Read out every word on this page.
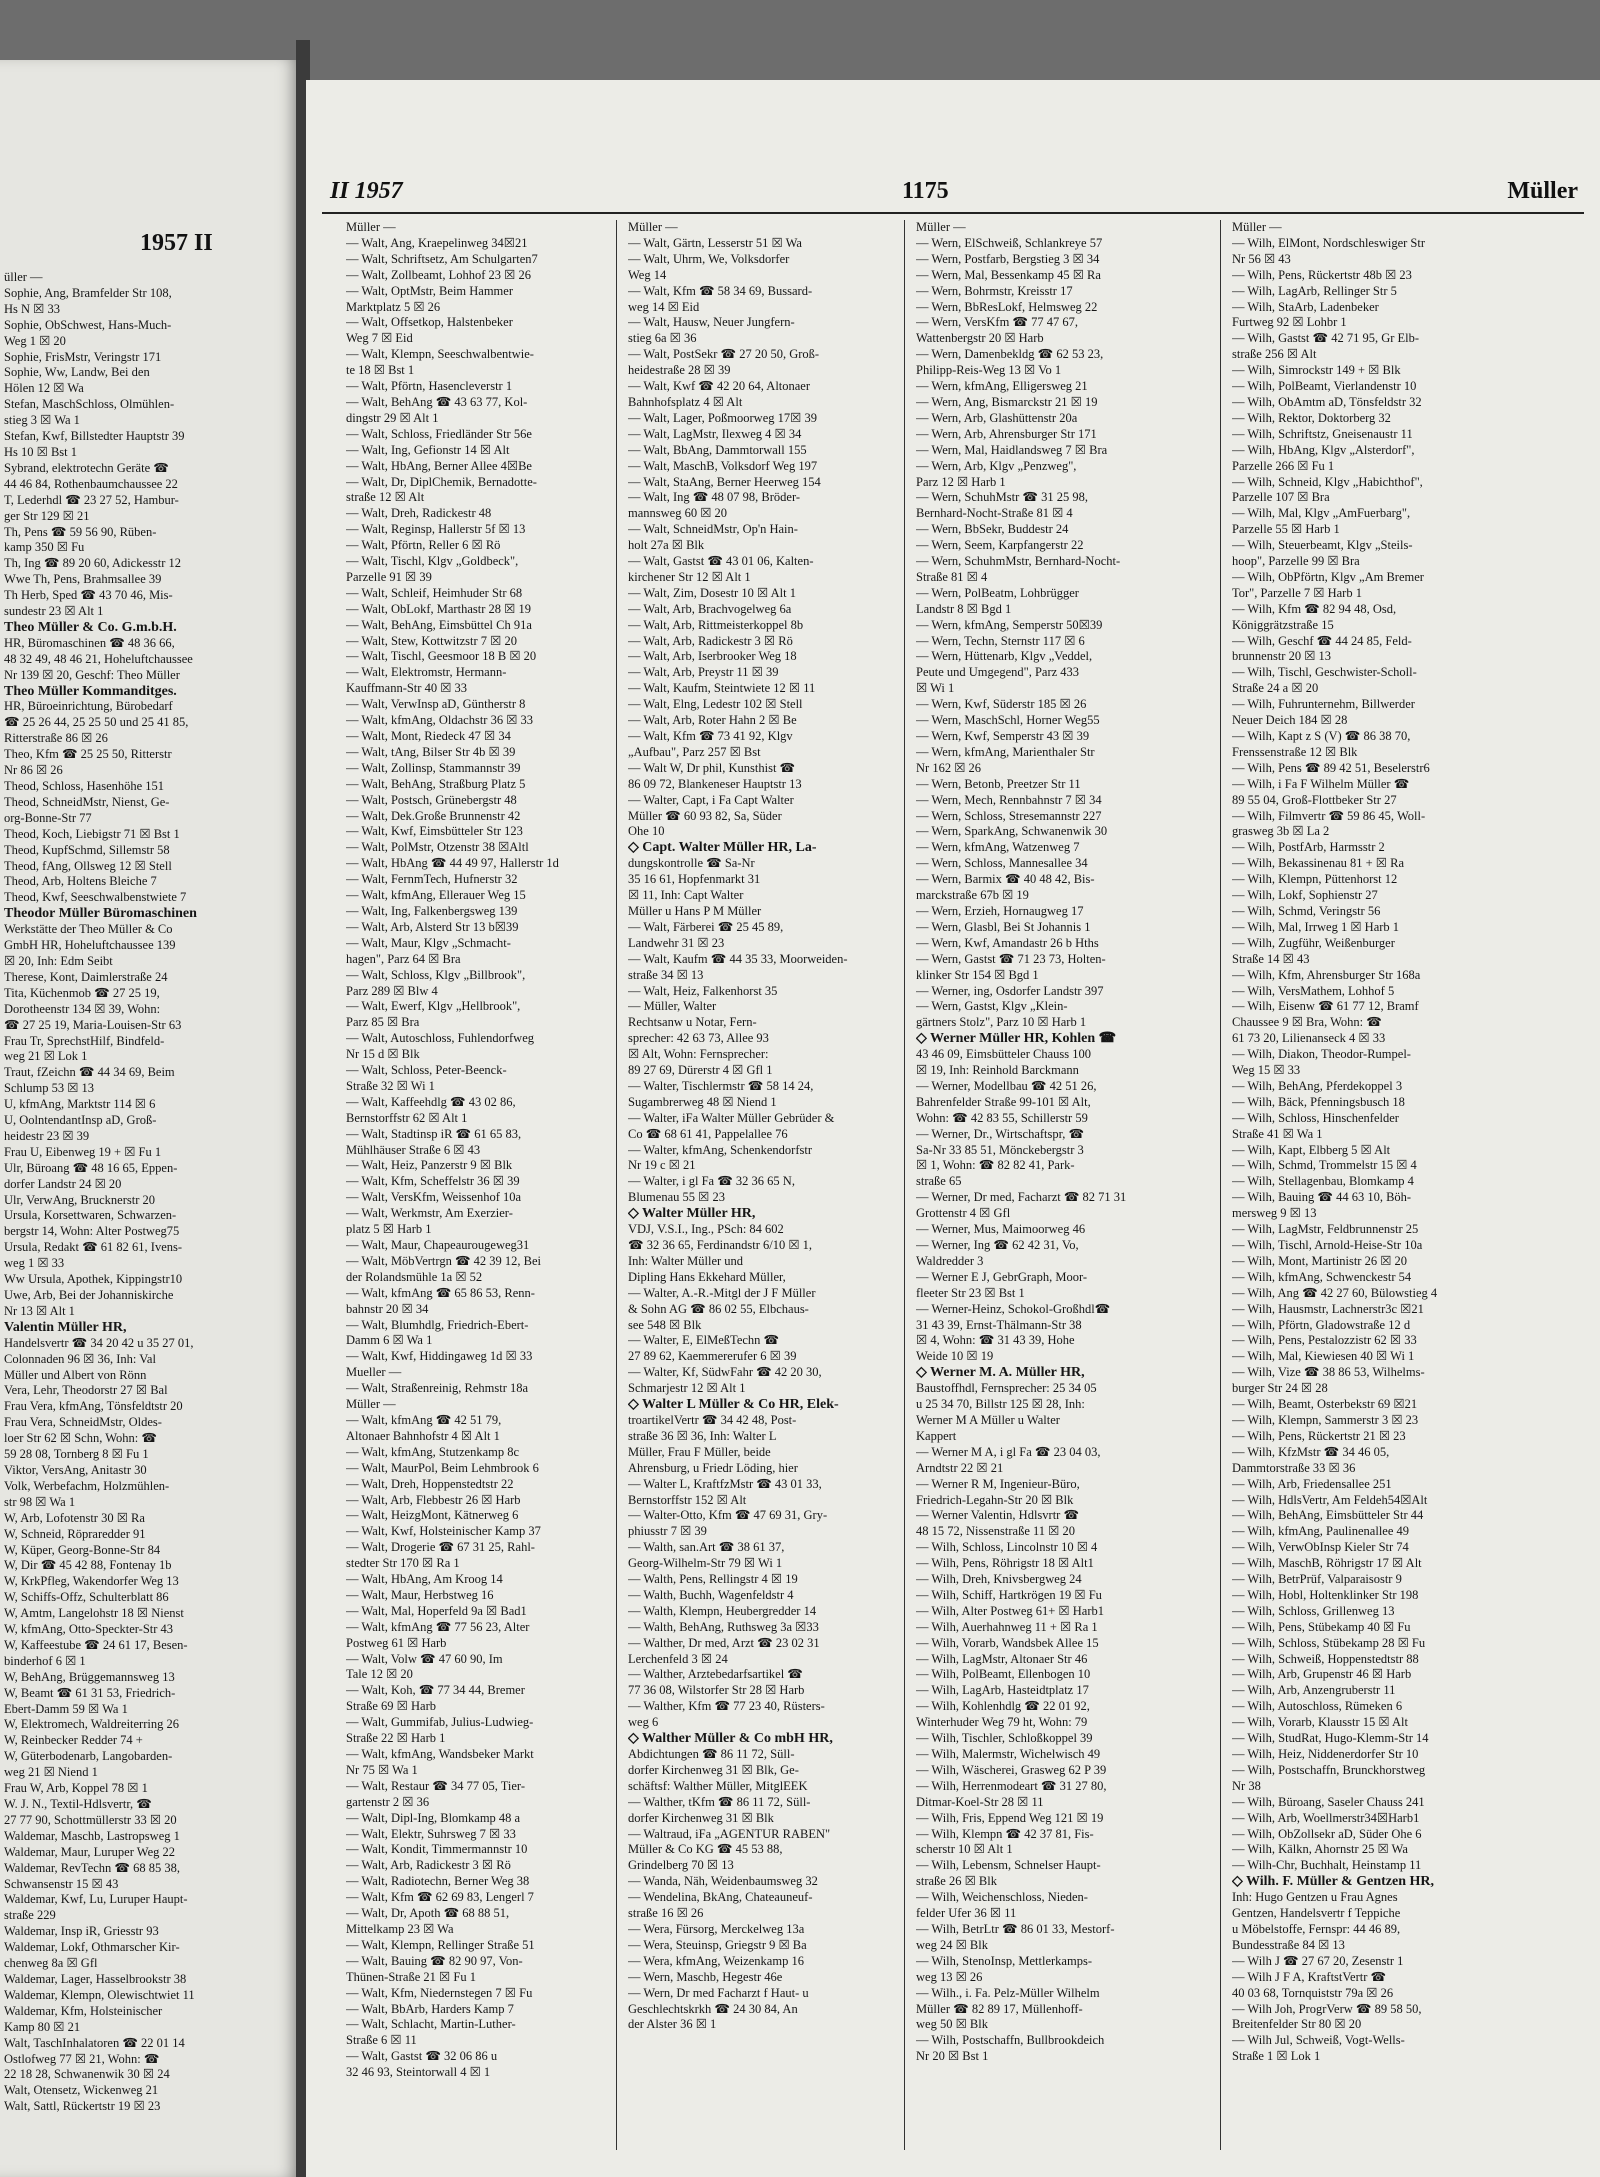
1957 II
üller —
Sophie, Ang, Bramfelder Str 108,
Hs N ☒ 33
Sophie, ObSchwest, Hans-Much-
Weg 1 ☒ 20
Sophie, FrisMstr, Veringstr 171
Sophie, Ww, Landw, Bei den
Hölen 12 ☒ Wa
Stefan, MaschSchloss, Olmühlen-
stieg 3 ☒ Wa 1
Stefan, Kwf, Billstedter Hauptstr 39
Hs 10 ☒ Bst 1
Sybrand, elektrotechn Geräte ☎
44 46 84, Rothenbaumchaussee 22
T, Lederhdl ☎ 23 27 52, Hambur-
ger Str 129 ☒ 21
Th, Pens ☎ 59 56 90, Rüben-
kamp 350 ☒ Fu
Th, Ing ☎ 89 20 60, Adickesstr 12
Wwe Th, Pens, Brahmsallee 39
Th Herb, Sped ☎ 43 70 46, Mis-
sundestr 23 ☒ Alt 1
Theo Müller & Co. G.m.b.H.
HR, Büromaschinen ☎ 48 36 66,
48 32 49, 48 46 21, Hoheluftchaussee
Nr 139 ☒ 20, Geschf: Theo Müller
Theo Müller Kommanditges.
HR, Büroeinrichtung, Bürobedarf
☎ 25 26 44, 25 25 50 und 25 41 85,
Ritterstraße 86 ☒ 26
Theo, Kfm ☎ 25 25 50, Ritterstr
Nr 86 ☒ 26
Theod, Schloss, Hasenhöhe 151
Theod, SchneidMstr, Nienst, Ge-
org-Bonne-Str 77
Theod, Koch, Liebigstr 71 ☒ Bst 1
Theod, KupfSchmd, Sillemstr 58
Theod, fAng, Ollsweg 12 ☒ Stell
Theod, Arb, Holtens Bleiche 7
Theod, Kwf, Seeschwalbenstwiete 7
Theodor Müller Büromaschinen
Werkstätte der Theo Müller & Co
GmbH HR, Hoheluftchaussee 139
☒ 20, Inh: Edm Seibt
Therese, Kont, Daimlerstraße 24
Tita, Küchenmob ☎ 27 25 19,
Dorotheenstr 134 ☒ 39, Wohn:
☎ 27 25 19, Maria-Louisen-Str 63
Frau Tr, SprechstHilf, Bindfeld-
weg 21 ☒ Lok 1
Traut, fZeichn ☎ 44 34 69, Beim
Schlump 53 ☒ 13
U, kfmAng, Marktstr 114 ☒ 6
U, OolntendantInsp aD, Groß-
heidestr 23 ☒ 39
Frau U, Eibenweg 19 + ☒ Fu 1
Ulr, Büroang ☎ 48 16 65, Eppen-
dorfer Landstr 24 ☒ 20
Ulr, VerwAng, Brucknerstr 20
Ursula, Korsettwaren, Schwarzen-
bergstr 14, Wohn: Alter Postweg75
Ursula, Redakt ☎ 61 82 61, Ivens-
weg 1 ☒ 33
Ww Ursula, Apothek, Kippingstr10
Uwe, Arb, Bei der Johanniskirche
Nr 13 ☒ Alt 1
Valentin Müller HR,
Handelsvertr ☎ 34 20 42 u 35 27 01,
Colonnaden 96 ☒ 36, Inh: Val
Müller und Albert von Rönn
Vera, Lehr, Theodorstr 27 ☒ Bal
Frau Vera, kfmAng, Tönsfeldtstr 20
Frau Vera, SchneidMstr, Oldes-
loer Str 62 ☒ Schn, Wohn: ☎
59 28 08, Tornberg 8 ☒ Fu 1
Viktor, VersAng, Anitastr 30
Volk, Werbefachm, Holzmühlen-
str 98 ☒ Wa 1
W, Arb, Lofotenstr 30 ☒ Ra
W, Schneid, Röpraredder 91
W, Küper, Georg-Bonne-Str 84
W, Dir ☎ 45 42 88, Fontenay 1b
W, KrkPfleg, Wakendorfer Weg 13
W, Schiffs-Offz, Schulterblatt 86
W, Amtm, Langelohstr 18 ☒ Nienst
W, kfmAng, Otto-Speckter-Str 43
W, Kaffeestube ☎ 24 61 17, Besen-
binderhof 6 ☒ 1
W, BehAng, Brüggemannsweg 13
W, Beamt ☎ 61 31 53, Friedrich-
Ebert-Damm 59 ☒ Wa 1
W, Elektromech, Waldreiterring 26
W, Reinbecker Redder 74 +
W, Güterbodenarb, Langobarden-
weg 21 ☒ Niend 1
Frau W, Arb, Koppel 78 ☒ 1
W. J. N., Textil-Hdlsvertr, ☎
27 77 90, Schottmüllerstr 33 ☒ 20
Waldemar, Maschb, Lastropsweg 1
Waldemar, Maur, Luruper Weg 22
Waldemar, RevTechn ☎ 68 85 38,
Schwansenstr 15 ☒ 43
Waldemar, Kwf, Lu, Luruper Haupt-
straße 229
Waldemar, Insp iR, Griesstr 93
Waldemar, Lokf, Othmarscher Kir-
chenweg 8a ☒ Gfl
Waldemar, Lager, Hasselbrookstr 38
Waldemar, Klempn, Olewischtwiet 11
Waldemar, Kfm, Holsteinischer
Kamp 80 ☒ 21
Walt, TaschInhalatoren ☎ 22 01 14
Ostlofweg 77 ☒ 21, Wohn: ☎
22 18 28, Schwanenwik 30 ☒ 24
Walt, Otensetz, Wickenweg 21
Walt, Sattl, Rückertstr 19 ☒ 23
II 1957	1175	Müller
Müller —
— Walt, Ang, Kraepelinweg 34☒21
— Walt, Schriftsetz, Am Schulgarten7
— Walt, Zollbeamt, Lohhof 23 ☒ 26
— Walt, OptMstr, Beim Hammer
Marktplatz 5 ☒ 26
— Walt, Offsetkop, Halstenbeker
Weg 7 ☒ Eid
— Walt, Klempn, Seeschwalbentwie-
te 18 ☒ Bst 1
— Walt, Pförtn, Hasencleverstr 1
— Walt, BehAng ☎ 43 63 77, Kol-
dingstr 29 ☒ Alt 1
— Walt, Schloss, Friedländer Str 56e
— Walt, Ing, Gefionstr 14 ☒ Alt
— Walt, HbAng, Berner Allee 4☒Be
— Walt, Dr, DiplChemik, Bernadotte-
straße 12 ☒ Alt
— Walt, Dreh, Radickestr 48
— Walt, Reginsp, Hallerstr 5f ☒ 13
— Walt, Pförtn, Reller 6 ☒ Rö
— Walt, Tischl, Klgv „Goldbeck",
Parzelle 91 ☒ 39
— Walt, Schleif, Heimhuder Str 68
— Walt, ObLokf, Marthastr 28 ☒ 19
— Walt, BehAng, Eimsbüttel Ch 91a
— Walt, Stew, Kottwitzstr 7 ☒ 20
— Walt, Tischl, Geesmoor 18 B ☒ 20
— Walt, Elektromstr, Hermann-
Kauffmann-Str 40 ☒ 33
— Walt, VerwInsp aD, Güntherstr 8
— Walt, kfmAng, Oldachstr 36 ☒ 33
— Walt, Mont, Riedeck 47 ☒ 34
— Walt, tAng, Bilser Str 4b ☒ 39
— Walt, Zollinsp, Stammannstr 39
— Walt, BehAng, Straßburg Platz 5
— Walt, Postsch, Grünebergstr 48
— Walt, Dek.Große Brunnenstr 42
— Walt, Kwf, Eimsbütteler Str 123
— Walt, PolMstr, Otzenstr 38 ☒Altl
— Walt, HbAng ☎ 44 49 97, Hallerstr 1d
— Walt, FernmTech, Hufnerstr 32
— Walt, kfmAng, Ellerauer Weg 15
— Walt, Ing, Falkenbergsweg 139
— Walt, Arb, Alsterd Str 13 b☒39
— Walt, Maur, Klgv „Schmacht-
hagen", Parz 64 ☒ Bra
— Walt, Schloss, Klgv „Billbrook",
Parz 289 ☒ Blw 4
— Walt, Ewerf, Klgv „Hellbrook",
Parz 85 ☒ Bra
— Walt, Autoschloss, Fuhlendorfweg
Nr 15 d ☒ Blk
— Walt, Schloss, Peter-Beenck-
Straße 32 ☒ Wi 1
— Walt, Kaffeehdlg ☎ 43 02 86,
Bernstorffstr 62 ☒ Alt 1
— Walt, Stadtinsp iR ☎ 61 65 83,
Mühlhäuser Straße 6 ☒ 43
— Walt, Heiz, Panzerstr 9 ☒ Blk
— Walt, Kfm, Scheffelstr 36 ☒ 39
— Walt, VersKfm, Weissenhof 10a
— Walt, Werkmstr, Am Exerzier-
platz 5 ☒ Harb 1
— Walt, Maur, Chapeaurougeweg31
— Walt, MöbVertrgn ☎ 42 39 12, Bei
der Rolandsmühle 1a ☒ 52
— Walt, kfmAng ☎ 65 86 53, Renn-
bahnstr 20 ☒ 34
— Walt, Blumhdlg, Friedrich-Ebert-
Damm 6 ☒ Wa 1
— Walt, Kwf, Hiddingaweg 1d ☒ 33
Mueller —
— Walt, Straßenreinig, Rehmstr 18a
Müller —
— Walt, kfmAng ☎ 42 51 79,
Altonaer Bahnhofstr 4 ☒ Alt 1
— Walt, kfmAng, Stutzenkamp 8c
— Walt, MaurPol, Beim Lehmbrook 6
— Walt, Dreh, Hoppenstedtstr 22
— Walt, Arb, Flebbestr 26 ☒ Harb
— Walt, HeizgMont, Kätnerweg 6
— Walt, Kwf, Holsteinischer Kamp 37
— Walt, Drogerie ☎ 67 31 25, Rahl-
stedter Str 170 ☒ Ra 1
— Walt, HbAng, Am Kroog 14
— Walt, Maur, Herbstweg 16
— Walt, Mal, Hoperfeld 9a ☒ Bad1
— Walt, kfmAng ☎ 77 56 23, Alter
Postweg 61 ☒ Harb
— Walt, Volw ☎ 47 60 90, Im
Tale 12 ☒ 20
— Walt, Koh, ☎ 77 34 44, Bremer
Straße 69 ☒ Harb
— Walt, Gummifab, Julius-Ludwieg-
Straße 22 ☒ Harb 1
— Walt, kfmAng, Wandsbeker Markt
Nr 75 ☒ Wa 1
— Walt, Restaur ☎ 34 77 05, Tier-
gartenstr 2 ☒ 36
— Walt, Dipl-Ing, Blomkamp 48 a
— Walt, Elektr, Suhrsweg 7 ☒ 33
— Walt, Kondit, Timmermannstr 10
— Walt, Arb, Radickestr 3 ☒ Rö
— Walt, Radiotechn, Berner Weg 38
— Walt, Kfm ☎ 62 69 83, Lengerl 7
— Walt, Dr, Apoth ☎ 68 88 51,
Mittelkamp 23 ☒ Wa
— Walt, Klempn, Rellinger Straße 51
— Walt, Bauing ☎ 82 90 97, Von-
Thünen-Straße 21 ☒ Fu 1
— Walt, Kfm, Niedernstegen 7 ☒ Fu
— Walt, BbArb, Harders Kamp 7
— Walt, Schlacht, Martin-Luther-
Straße 6 ☒ 11
— Walt, Gastst ☎ 32 06 86 u
32 46 93, Steintorwall 4 ☒ 1
Müller —
— Walt, Gärtn, Lesserstr 51 ☒ Wa
— Walt, Uhrm, We, Volksdorfer
Weg 14
— Walt, Kfm ☎ 58 34 69, Bussard-
weg 14 ☒ Eid
— Walt, Hausw, Neuer Jungfern-
stieg 6a ☒ 36
— Walt, PostSekr ☎ 27 20 50, Groß-
heidestraße 28 ☒ 39
— Walt, Kwf ☎ 42 20 64, Altonaer
Bahnhofsplatz 4 ☒ Alt
— Walt, Lager, Poßmoorweg 17☒ 39
— Walt, LagMstr, Ilexweg 4 ☒ 34
— Walt, BbAng, Dammtorwall 155
— Walt, MaschB, Volksdorf Weg 197
— Walt, StaAng, Berner Heerweg 154
— Walt, Ing ☎ 48 07 98, Bröder-
mannsweg 60 ☒ 20
— Walt, SchneidMstr, Op'n Hain-
holt 27a ☒ Blk
— Walt, Gastst ☎ 43 01 06, Kalten-
kirchener Str 12 ☒ Alt 1
— Walt, Zim, Dosestr 10 ☒ Alt 1
— Walt, Arb, Brachvogelweg 6a
— Walt, Arb, Rittmeisterkoppel 8b
— Walt, Arb, Radickestr 3 ☒ Rö
— Walt, Arb, Iserbrooker Weg 18
— Walt, Arb, Preystr 11 ☒ 39
— Walt, Kaufm, Steintwiete 12 ☒ 11
— Walt, Elng, Ledestr 102 ☒ Stell
— Walt, Arb, Roter Hahn 2 ☒ Be
— Walt, Kfm ☎ 73 41 92, Klgv
„Aufbau", Parz 257 ☒ Bst
— Walt W, Dr phil, Kunsthist ☎
86 09 72, Blankeneser Hauptstr 13
— Walter, Capt, i Fa Capt Walter
Müller ☎ 60 93 82, Sa, Süder
Ohe 10
◇ Capt. Walter Müller HR, La-
dungskontrolle ☎ Sa-Nr
35 16 61, Hopfenmarkt 31
☒ 11, Inh: Capt Walter
Müller u Hans P M Müller
— Walt, Färberei ☎ 25 45 89,
Landwehr 31 ☒ 23
— Walt, Kaufm ☎ 44 35 33, Moorweiden-
straße 34 ☒ 13
— Walt, Heiz, Falkenhorst 35
— Müller, Walter
Rechtsanw u Notar, Fern-
sprecher: 42 63 73, Allee 93
☒ Alt, Wohn: Fernsprecher:
89 27 69, Dürerstr 4 ☒ Gfl 1
— Walter, Tischlermstr ☎ 58 14 24,
Sugambrerweg 48 ☒ Niend 1
— Walter, iFa Walter Müller Gebrüder &
Co ☎ 68 61 41, Pappelallee 76
— Walter, kfmAng, Schenkendorfstr
Nr 19 c ☒ 21
— Walter, i gl Fa ☎ 32 36 65 N,
Blumenau 55 ☒ 23
◇ Walter Müller HR,
VDJ, V.S.I., Ing., PSch: 84 602
☎ 32 36 65, Ferdinandstr 6/10 ☒ 1,
Inh: Walter Müller und
Dipling Hans Ekkehard Müller,
— Walter, A.-R.-Mitgl der J F Müller
& Sohn AG ☎ 86 02 55, Elbchaus-
see 548 ☒ Blk
— Walter, E, ElMeßTechn ☎
27 89 62, Kaemmererufer 6 ☒ 39
— Walter, Kf, SüdwFahr ☎ 42 20 30,
Schmarjestr 12 ☒ Alt 1
◇ Walter L Müller & Co HR, Elek-
troartikelVertr ☎ 34 42 48, Post-
straße 36 ☒ 36, Inh: Walter L
Müller, Frau F Müller, beide
Ahrensburg, u Friedr Löding, hier
— Walter L, KraftfzMstr ☎ 43 01 33,
Bernstorffstr 152 ☒ Alt
— Walter-Otto, Kfm ☎ 47 69 31, Gry-
phiusstr 7 ☒ 39
— Walth, san.Art ☎ 38 61 37,
Georg-Wilhelm-Str 79 ☒ Wi 1
— Walth, Pens, Rellingstr 4 ☒ 19
— Walth, Buchh, Wagenfeldstr 4
— Walth, Klempn, Heubergredder 14
— Walth, BehAng, Ruthsweg 3a ☒33
— Walther, Dr med, Arzt ☎ 23 02 31
Lerchenfeld 3 ☒ 24
— Walther, Arztebedarfsartikel ☎
77 36 08, Wilstorfer Str 28 ☒ Harb
— Walther, Kfm ☎ 77 23 40, Rüsters-
weg 6
◇ Walther Müller & Co mbH HR,
Abdichtungen ☎ 86 11 72, Süll-
dorfer Kirchenweg 31 ☒ Blk, Ge-
schäftsf: Walther Müller, MitglEEK
— Walther, tKfm ☎ 86 11 72, Süll-
dorfer Kirchenweg 31 ☒ Blk
— Waltraud, iFa „AGENTUR RABEN"
Müller & Co KG ☎ 45 53 88,
Grindelberg 70 ☒ 13
— Wanda, Näh, Weidenbaumsweg 32
— Wendelina, BkAng, Chateauneuf-
straße 16 ☒ 26
— Wera, Fürsorg, Merckelweg 13a
— Wera, Steuinsp, Griegstr 9 ☒ Ba
— Wera, kfmAng, Weizenkamp 16
— Wern, Maschb, Hegestr 46e
— Wern, Dr med Facharzt f Haut- u
Geschlechtskrkh ☎ 24 30 84, An
der Alster 36 ☒ 1
Müller —
— Wern, ElSchweiß, Schlankreye 57
— Wern, Postfarb, Bergstieg 3 ☒ 34
— Wern, Mal, Bessenkamp 45 ☒ Ra
— Wern, Bohrmstr, Kreisstr 17
— Wern, BbResLokf, Helmsweg 22
— Wern, VersKfm ☎ 77 47 67,
Wattenbergstr 20 ☒ Harb
— Wern, Damenbekldg ☎ 62 53 23,
Philipp-Reis-Weg 13 ☒ Vo 1
— Wern, kfmAng, Elligersweg 21
— Wern, Ang, Bismarckstr 21 ☒ 19
— Wern, Arb, Glashüttenstr 20a
— Wern, Arb, Ahrensburger Str 171
— Wern, Mal, Haidlandsweg 7 ☒ Bra
— Wern, Arb, Klgv „Penzweg",
Parz 12 ☒ Harb 1
— Wern, SchuhMstr ☎ 31 25 98,
Bernhard-Nocht-Straße 81 ☒ 4
— Wern, BbSekr, Buddestr 24
— Wern, Seem, Karpfangerstr 22
— Wern, SchuhmMstr, Bernhard-Nocht-
Straße 81 ☒ 4
— Wern, PolBeatm, Lohbrügger
Landstr 8 ☒ Bgd 1
— Wern, kfmAng, Semperstr 50☒39
— Wern, Techn, Sternstr 117 ☒ 6
— Wern, Hüttenarb, Klgv „Veddel,
Peute und Umgegend", Parz 433
☒ Wi 1
— Wern, Kwf, Süderstr 185 ☒ 26
— Wern, MaschSchl, Horner Weg55
— Wern, Kwf, Semperstr 43 ☒ 39
— Wern, kfmAng, Marienthaler Str
Nr 162 ☒ 26
— Wern, Betonb, Preetzer Str 11
— Wern, Mech, Rennbahnstr 7 ☒ 34
— Wern, Schloss, Stresemannstr 227
— Wern, SparkAng, Schwanenwik 30
— Wern, kfmAng, Watzenweg 7
— Wern, Schloss, Mannesallee 34
— Wern, Barmix ☎ 40 48 42, Bis-
marckstraße 67b ☒ 19
— Wern, Erzieh, Hornaugweg 17
— Wern, Glasbl, Bei St Johannis 1
— Wern, Kwf, Amandastr 26 b Hths
— Wern, Gastst ☎ 71 23 73, Holten-
klinker Str 154 ☒ Bgd 1
— Werner, ing, Osdorfer Landstr 397
— Wern, Gastst, Klgv „Klein-
gärtners Stolz", Parz 10 ☒ Harb 1
◇ Werner Müller HR, Kohlen ☎
43 46 09, Eimsbütteler Chauss 100
☒ 19, Inh: Reinhold Barckmann
— Werner, Modellbau ☎ 42 51 26,
Bahrenfelder Straße 99-101 ☒ Alt,
Wohn: ☎ 42 83 55, Schillerstr 59
— Werner, Dr., Wirtschaftspr, ☎
Sa-Nr 33 85 51, Mönckebergstr 3
☒ 1, Wohn: ☎ 82 82 41, Park-
straße 65
— Werner, Dr med, Facharzt ☎ 82 71 31
Grottenstr 4 ☒ Gfl
— Werner, Mus, Maimoorweg 46
— Werner, Ing ☎ 62 42 31, Vo,
Waldredder 3
— Werner E J, GebrGraph, Moor-
fleeter Str 23 ☒ Bst 1
— Werner-Heinz, Schokol-Großhdl☎
31 43 39, Ernst-Thälmann-Str 38
☒ 4, Wohn: ☎ 31 43 39, Hohe
Weide 10 ☒ 19
◇ Werner M. A. Müller HR,
Baustoffhdl, Fernsprecher: 25 34 05
u 25 34 70, Billstr 125 ☒ 28, Inh:
Werner M A Müller u Walter
Kappert
— Werner M A, i gl Fa ☎ 23 04 03,
Arndtstr 22 ☒ 21
— Werner R M, Ingenieur-Büro,
Friedrich-Legahn-Str 20 ☒ Blk
— Werner Valentin, Hdlsvrtr ☎
48 15 72, Nissenstraße 11 ☒ 20
— Wilh, Schloss, Lincolnstr 10 ☒ 4
— Wilh, Pens, Röhrigstr 18 ☒ Alt1
— Wilh, Dreh, Knivsbergweg 24
— Wilh, Schiff, Hartkrögen 19 ☒ Fu
— Wilh, Alter Postweg 61+ ☒ Harb1
— Wilh, Auerhahnweg 11 + ☒ Ra 1
— Wilh, Vorarb, Wandsbek Allee 15
— Wilh, LagMstr, Altonaer Str 46
— Wilh, PolBeamt, Ellenbogen 10
— Wilh, LagArb, Hasteidtplatz 17
— Wilh, Kohlenhdlg ☎ 22 01 92,
Winterhuder Weg 79 ht, Wohn: 79
— Wilh, Tischler, Schloßkoppel 39
— Wilh, Malermstr, Wichelwisch 49
— Wilh, Wäscherei, Grasweg 62 P 39
— Wilh, Herrenmodeart ☎ 31 27 80,
Ditmar-Koel-Str 28 ☒ 11
— Wilh, Fris, Eppend Weg 121 ☒ 19
— Wilh, Klempn ☎ 42 37 81, Fis-
scherstr 10 ☒ Alt 1
— Wilh, Lebensm, Schnelser Haupt-
straße 26 ☒ Blk
— Wilh, Weichenschloss, Nieden-
felder Ufer 36 ☒ 11
— Wilh, BetrLtr ☎ 86 01 33, Mestorf-
weg 24 ☒ Blk
— Wilh, StenoInsp, Mettlerkamps-
weg 13 ☒ 26
— Wilh., i. Fa. Pelz-Müller Wilhelm
Müller ☎ 82 89 17, Müllenhoff-
weg 50 ☒ Blk
— Wilh, Postschaffn, Bullbrookdeich
Nr 20 ☒ Bst 1
Müller —
— Wilh, ElMont, Nordschleswiger Str
Nr 56 ☒ 43
— Wilh, Pens, Rückertstr 48b ☒ 23
— Wilh, LagArb, Rellinger Str 5
— Wilh, StaArb, Ladenbeker
Furtweg 92 ☒ Lohbr 1
— Wilh, Gastst ☎ 42 71 95, Gr Elb-
straße 256 ☒ Alt
— Wilh, Simrockstr 149 + ☒ Blk
— Wilh, PolBeamt, Vierlandenstr 10
— Wilh, ObAmtm aD, Tönsfeldstr 32
— Wilh, Rektor, Doktorberg 32
— Wilh, Schriftstz, Gneisenaustr 11
— Wilh, HbAng, Klgv „Alsterdorf",
Parzelle 266 ☒ Fu 1
— Wilh, Schneid, Klgv „Habichthof",
Parzelle 107 ☒ Bra
— Wilh, Mal, Klgv „AmFuerbarg",
Parzelle 55 ☒ Harb 1
— Wilh, Steuerbeamt, Klgv „Steils-
hoop", Parzelle 99 ☒ Bra
— Wilh, ObPförtn, Klgv „Am Bremer
Tor", Parzelle 7 ☒ Harb 1
— Wilh, Kfm ☎ 82 94 48, Osd,
Königgrätzstraße 15
— Wilh, Geschf ☎ 44 24 85, Feld-
brunnenstr 20 ☒ 13
— Wilh, Tischl, Geschwister-Scholl-
Straße 24 a ☒ 20
— Wilh, Fuhrunternehm, Billwerder
Neuer Deich 184 ☒ 28
— Wilh, Kapt z S (V) ☎ 86 38 70,
Frenssenstraße 12 ☒ Blk
— Wilh, Pens ☎ 89 42 51, Beselerstr6
— Wilh, i Fa F Wilhelm Müller ☎
89 55 04, Groß-Flottbeker Str 27
— Wilh, Filmvertr ☎ 59 86 45, Woll-
grasweg 3b ☒ La 2
— Wilh, PostfArb, Harmsstr 2
— Wilh, Bekassinenau 81 + ☒ Ra
— Wilh, Klempn, Püttenhorst 12
— Wilh, Lokf, Sophienstr 27
— Wilh, Schmd, Veringstr 56
— Wilh, Mal, Irrweg 1 ☒ Harb 1
— Wilh, Zugführ, Weißenburger
Straße 14 ☒ 43
— Wilh, Kfm, Ahrensburger Str 168a
— Wilh, VersMathem, Lohhof 5
— Wilh, Eisenw ☎ 61 77 12, Bramf
Chaussee 9 ☒ Bra, Wohn: ☎
61 73 20, Lilienanseck 4 ☒ 33
— Wilh, Diakon, Theodor-Rumpel-
Weg 15 ☒ 33
— Wilh, BehAng, Pferdekoppel 3
— Wilh, Bäck, Pfenningsbusch 18
— Wilh, Schloss, Hinschenfelder
Straße 41 ☒ Wa 1
— Wilh, Kapt, Elbberg 5 ☒ Alt
— Wilh, Schmd, Trommelstr 15 ☒ 4
— Wilh, Stellagenbau, Blomkamp 4
— Wilh, Bauing ☎ 44 63 10, Böh-
mersweg 9 ☒ 13
— Wilh, LagMstr, Feldbrunnenstr 25
— Wilh, Tischl, Arnold-Heise-Str 10a
— Wilh, Mont, Martinistr 26 ☒ 20
— Wilh, kfmAng, Schwenckestr 54
— Wilh, Ang ☎ 42 27 60, Bülowstieg 4
— Wilh, Hausmstr, Lachnerstr3c ☒21
— Wilh, Pförtn, Gladowstraße 12 d
— Wilh, Pens, Pestalozzistr 62 ☒ 33
— Wilh, Mal, Kiewiesen 40 ☒ Wi 1
— Wilh, Vize ☎ 38 86 53, Wilhelms-
burger Str 24 ☒ 28
— Wilh, Beamt, Osterbekstr 69 ☒21
— Wilh, Klempn, Sammerstr 3 ☒ 23
— Wilh, Pens, Rückertstr 21 ☒ 23
— Wilh, KfzMstr ☎ 34 46 05,
Dammtorstraße 33 ☒ 36
— Wilh, Arb, Friedensallee 251
— Wilh, HdlsVertr, Am Feldeh54☒Alt
— Wilh, BehAng, Eimsbütteler Str 44
— Wilh, kfmAng, Paulinenallee 49
— Wilh, VerwObInsp Kieler Str 74
— Wilh, MaschB, Röhrigstr 17 ☒ Alt
— Wilh, BetrPrüf, Valparaisostr 9
— Wilh, Hobl, Holtenklinker Str 198
— Wilh, Schloss, Grillenweg 13
— Wilh, Pens, Stübekamp 40 ☒ Fu
— Wilh, Schloss, Stübekamp 28 ☒ Fu
— Wilh, Schweiß, Hoppenstedtstr 88
— Wilh, Arb, Grupenstr 46 ☒ Harb
— Wilh, Arb, Anzengruberstr 11
— Wilh, Autoschloss, Rümeken 6
— Wilh, Vorarb, Klausstr 15 ☒ Alt
— Wilh, StudRat, Hugo-Klemm-Str 14
— Wilh, Heiz, Niddenerdorfer Str 10
— Wilh, Postschaffn, Brunckhorstweg
Nr 38
— Wilh, Büroang, Saseler Chauss 241
— Wilh, Arb, Woellmerstr34☒Harb1
— Wilh, ObZollsekr aD, Süder Ohe 6
— Wilh, Kälkn, Ahornstr 25 ☒ Wa
— Wilh-Chr, Buchhalt, Heinstamp 11
◇ Wilh. F. Müller & Gentzen HR,
Inh: Hugo Gentzen u Frau Agnes
Gentzen, Handelsvertr f Teppiche
u Möbelstoffe, Fernspr: 44 46 89,
Bundesstraße 84 ☒ 13
— Wilh J ☎ 27 67 20, Zesenstr 1
— Wilh J F A, KraftstVertr ☎
40 03 68, Tornquiststr 79a ☒ 26
— Wilh Joh, ProgrVerw ☎ 89 58 50,
Breitenfelder Str 80 ☒ 20
— Wilh Jul, Schweiß, Vogt-Wells-
Straße 1 ☒ Lok 1
